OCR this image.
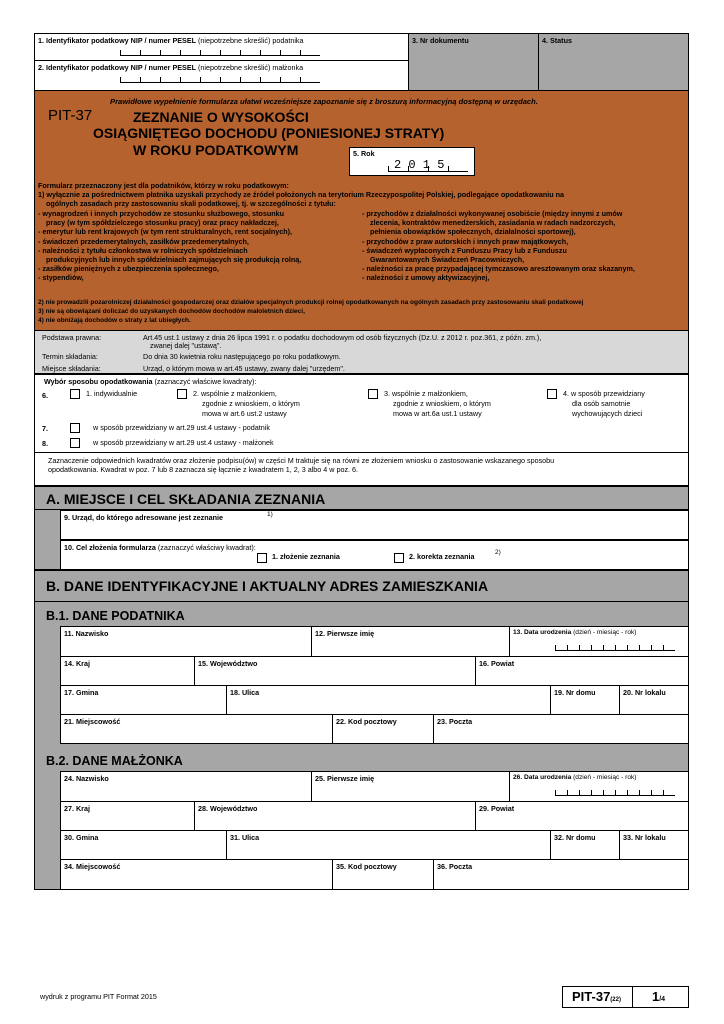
1. Identyfikator podatkowy NIP / numer PESEL (niepotrzebne skreślić) podatnika
2. Identyfikator podatkowy NIP / numer PESEL (niepotrzebne skreślić) małżonka
3. Nr dokumentu	4. Status
Prawidłowe wypełnienie formularza ułatwi wcześniejsze zapoznanie się z broszurą informacyjną dostępną w urzędach.
PIT-37	ZEZNANIE O WYSOKOŚCI
OSIĄGNIĘTEGO DOCHODU (PONIESIONEJ STRATY)
W ROKU PODATKOWYM	5. Rok
2 0 1 5
Formularz przeznaczony jest dla podatników, którzy w roku podatkowym:
1) wyłącznie za pośrednictwem płatnika uzyskali przychody ze źródeł położonych na terytorium Rzeczypospolitej Polskiej, podlegające opodatkowaniu na
ogólnych zasadach przy zastosowaniu skali podatkowej, tj. w szczególności z tytułu:
- wynagrodzeń i innych przychodów ze stosunku służbowego, stosunku
pracy (w tym spółdzielczego stosunku pracy) oraz pracy nakładczej,
- emerytur lub rent krajowych (w tym rent strukturalnych, rent socjalnych),
- świadczeń przedemerytalnych, zasiłków przedemerytalnych,
- należności z tytułu członkostwa w rolniczych spółdzielniach
produkcyjnych lub innych spółdzielniach zajmujących się produkcją rolną,
- zasiłków pieniężnych z ubezpieczenia społecznego,
- stypendiów,
- przychodów z działalności wykonywanej osobiście (między innymi z umów
zlecenia, kontraktów menedżerskich, zasiadania w radach nadzorczych,
pełnienia obowiązków społecznych, działalności sportowej),
- przychodów z praw autorskich i innych praw majątkowych,
- świadczeń wypłaconych z Funduszu Pracy lub z Funduszu
Gwarantowanych Świadczeń Pracowniczych,
- należności za pracę przypadającej tymczasowo aresztowanym oraz skazanym,
- należności z umowy aktywizacyjnej,
2) nie prowadzili pozarolniczej działalności gospodarczej oraz działów specjalnych produkcji rolnej opodatkowanych na ogólnych zasadach przy zastosowaniu skali podatkowej
3) nie są obowiązani doliczać do uzyskanych dochodów dochodów małoletnich dzieci,
4) nie obniżają dochodów o straty z lat ubiegłych.
Podstawa prawna:	Art.45 ust.1 ustawy z dnia 26 lipca 1991 r. o podatku dochodowym od osób fizycznych (Dz.U. z 2012 r. poz.361, z późn. zm.),
zwanej dalej "ustawą".
Termin składania:	Do dnia 30 kwietnia roku następującego po roku podatkowym.
Miejsce składania:	Urząd, o którym mowa w art.45 ustawy, zwany dalej "urzędem".
Wybór sposobu opodatkowania (zaznaczyć właściwe kwadraty):
6.	1. indywidualnie	2. wspólnie z małżonkiem,
zgodnie z wnioskiem, o którym
mowa w art.6 ust.2 ustawy
3. wspólnie z małżonkiem,
zgodnie z wnioskiem, o którym
mowa w art.6a ust.1 ustawy
4. w sposób przewidziany
dla osób samotnie
wychowujących dzieci
7.	w sposób przewidziany w art.29 ust.4 ustawy - podatnik
8.	w sposób przewidziany w art.29 ust.4 ustawy - małżonek
Zaznaczenie odpowiednich kwadratów oraz złożenie podpisu(ów) w części M traktuje się na równi ze złożeniem wniosku o zastosowanie wskazanego sposobu
opodatkowania. Kwadrat w poz. 7 lub 8 zaznacza się łącznie z kwadratem 1, 2, 3 albo 4 w poz. 6.
A. MIEJSCE I CEL SKŁADANIA ZEZNANIA
9. Urząd, do którego adresowane jest zeznanie	1)
10. Cel złożenia formularza (zaznaczyć właściwy kwadrat):
1. złożenie zeznania	2. korekta zeznania	2)
B. DANE IDENTYFIKACYJNE I AKTUALNY ADRES ZAMIESZKANIA
B.1. DANE PODATNIKA
11. Nazwisko	12. Pierwsze imię	13. Data urodzenia (dzień - miesiąc - rok)
14. Kraj	15. Województwo	16. Powiat
17. Gmina	18. Ulica	19. Nr domu	20. Nr lokalu
21. Miejscowość	22. Kod pocztowy	23. Poczta
B.2. DANE MAŁŻONKA
24. Nazwisko	25. Pierwsze imię	26. Data urodzenia (dzień - miesiąc - rok)
27. Kraj	28. Województwo	29. Powiat
30. Gmina	31. Ulica	32. Nr domu	33. Nr lokalu
34. Miejscowość	35. Kod pocztowy	36. Poczta
wydruk z programu PIT Format 2015	PIT-37(22) 1/4
